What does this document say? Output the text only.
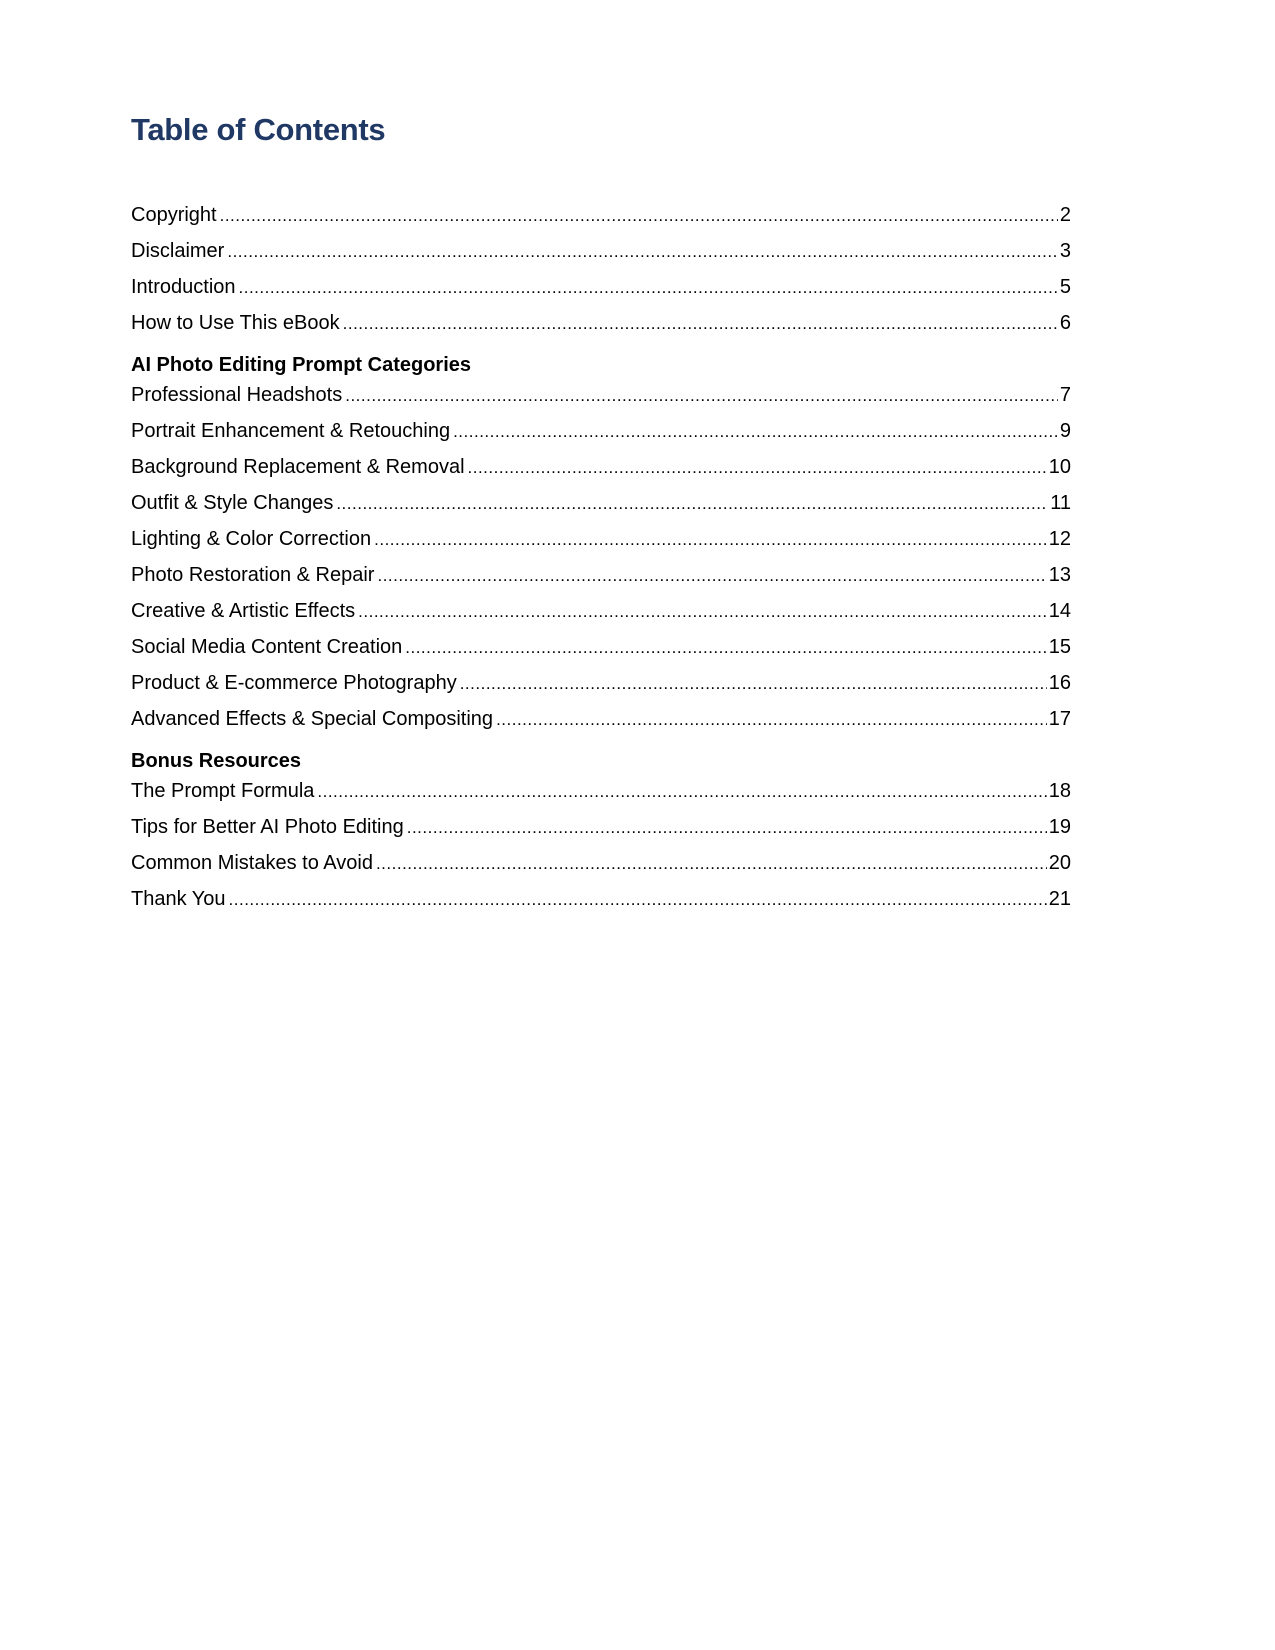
Table of Contents
Copyright .....	2
Disclaimer .....	3
Introduction .....	5
How to Use This eBook .....	6
AI Photo Editing Prompt Categories
Professional Headshots .....	7
Portrait Enhancement & Retouching .....	9
Background Replacement & Removal .....	10
Outfit & Style Changes .....	11
Lighting & Color Correction .....	12
Photo Restoration & Repair .....	13
Creative & Artistic Effects .....	14
Social Media Content Creation .....	15
Product & E-commerce Photography .....	16
Advanced Effects & Special Compositing .....	17
Bonus Resources
The Prompt Formula .....	18
Tips for Better AI Photo Editing .....	19
Common Mistakes to Avoid .....	20
Thank You .....	21
